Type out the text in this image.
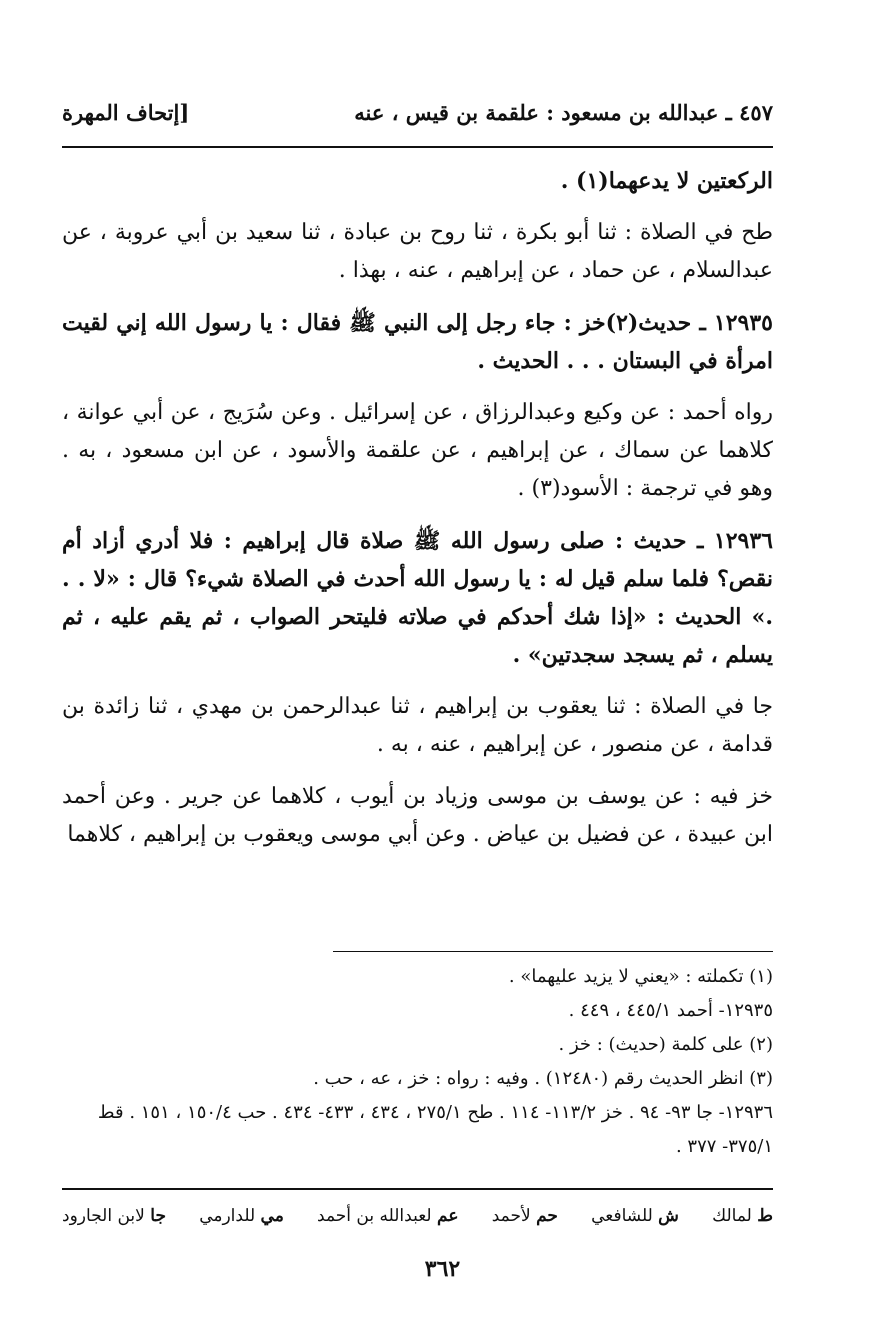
٤٥٧ ـ عبدالله بن مسعود : علقمة بن قيس ، عنه
[إتحاف المهرة

الركعتين لا يدعهما(١) .

طح في الصلاة : ثنا أبو بكرة ، ثنا روح بن عبادة ، ثنا سعيد بن أبي عروبة ، عن عبدالسلام ، عن حماد ، عن إبراهيم ، عنه ، بهذا .

١٢٩٣٥ ـ حديث(٢)خز : جاء رجل إلى النبي ﷺ فقال : يا رسول الله إني لقيت امرأة في البستان . . . الحديث .

رواه أحمد : عن وكيع وعبدالرزاق ، عن إسرائيل . وعن سُرَيج ، عن أبي عوانة ، كلاهما عن سماك ، عن إبراهيم ، عن علقمة والأسود ، عن ابن مسعود ، به . وهو في ترجمة : الأسود(٣) .

١٢٩٣٦ ـ حديث : صلى رسول الله ﷺ صلاة قال إبراهيم : فلا أدري أزاد أم نقص؟ فلما سلم قيل له : يا رسول الله أحدث في الصلاة شيء؟ قال : «لا . . .» الحديث : «إذا شك أحدكم في صلاته فليتحر الصواب ، ثم يقم عليه ، ثم يسلم ، ثم يسجد سجدتين» .

جا في الصلاة : ثنا يعقوب بن إبراهيم ، ثنا عبدالرحمن بن مهدي ، ثنا زائدة بن قدامة ، عن منصور ، عن إبراهيم ، عنه ، به .

خز فيه : عن يوسف بن موسى وزياد بن أيوب ، كلاهما عن جرير . وعن أحمد ابن عبيدة ، عن فضيل بن عياض . وعن أبي موسى ويعقوب بن إبراهيم ، كلاهما

(١) تكملته : «يعني لا يزيد عليهما» .

١٢٩٣٥- أحمد ٤٤٥/١ ، ٤٤٩ .

(٢) على كلمة (حديث) : خز .

(٣) انظر الحديث رقم (١٢٤٨٠) . وفيه : رواه : خز ، عه ، حب .

١٢٩٣٦- جا ٩٣- ٩٤ . خز ١١٣/٢- ١١٤ . طح ٢٧٥/١ ، ٤٣٤ ، ٤٣٣- ٤٣٤ . حب ١٥٠/٤ ، ١٥١ . قط ٣٧٥/١- ٣٧٧ .

ط لمالك
ش للشافعي
حم لأحمد
عم لعبدالله بن أحمد
مي للدارمي
جا لابن الجارود
٣٦٢
